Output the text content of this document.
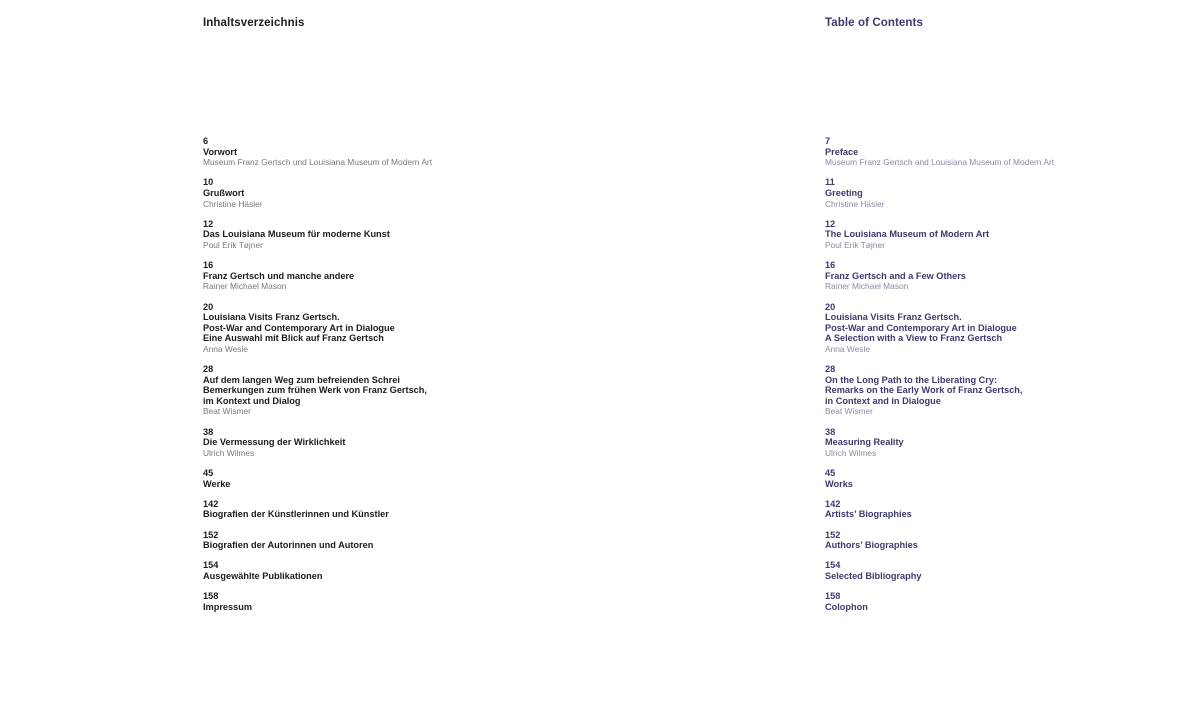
Inhaltsverzeichnis
6
Vorwort
Museum Franz Gertsch und Louisiana Museum of Modern Art
10
Grußwort
Christine Häsler
12
Das Louisiana Museum für moderne Kunst
Poul Erik Tøjner
16
Franz Gertsch und manche andere
Rainer Michael Mason
20
Louisiana Visits Franz Gertsch.
Post-War and Contemporary Art in Dialogue
Eine Auswahl mit Blick auf Franz Gertsch
Anna Wesle
28
Auf dem langen Weg zum befreienden Schrei
Bemerkungen zum frühen Werk von Franz Gertsch,
im Kontext und Dialog
Beat Wismer
38
Die Vermessung der Wirklichkeit
Ulrich Wilmes
45
Werke
142
Biografien der Künstlerinnen und Künstler
152
Biografien der Autorinnen und Autoren
154
Ausgewählte Publikationen
158
Impressum
Table of Contents
7
Preface
Museum Franz Gertsch and Louisiana Museum of Modern Art
11
Greeting
Christine Häsler
12
The Louisiana Museum of Modern Art
Poul Erik Tøjner
16
Franz Gertsch and a Few Others
Rainer Michael Mason
20
Louisiana Visits Franz Gertsch.
Post-War and Contemporary Art in Dialogue
A Selection with a View to Franz Gertsch
Anna Wesle
28
On the Long Path to the Liberating Cry:
Remarks on the Early Work of Franz Gertsch,
in Context and in Dialogue
Beat Wismer
38
Measuring Reality
Ulrich Wilmes
45
Works
142
Artists’ Biographies
152
Authors’ Biographies
154
Selected Bibliography
158
Colophon
